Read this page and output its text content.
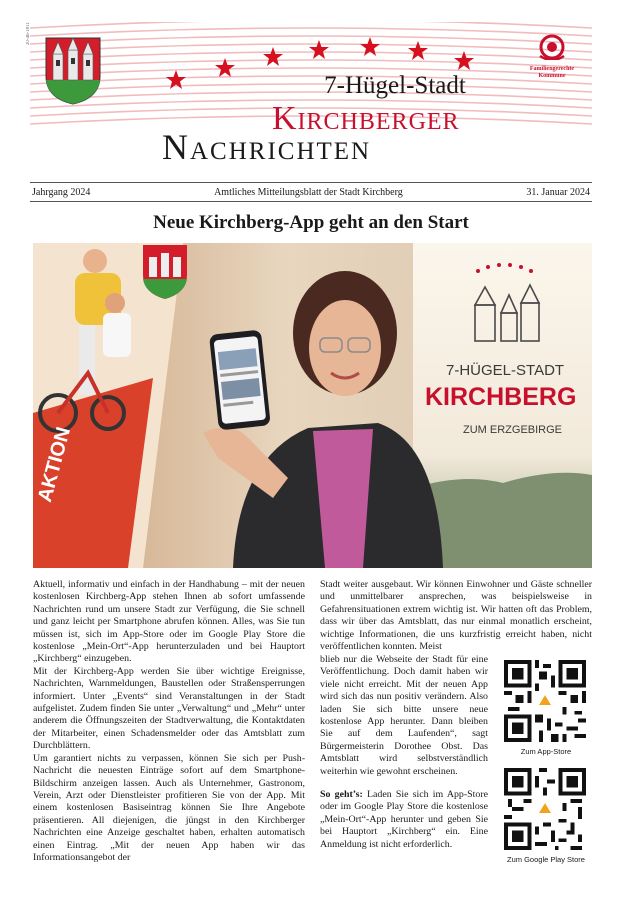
20-46-1811
Familiengerechte Kommune
7-Hügel-Stadt
Kirchberger
Nachrichten
Jahrgang 2024	Amtliches Mitteilungsblatt der Stadt Kirchberg	31. Januar 2024
Neue Kirchberg-App geht an den Start
AKTION
7-HÜGEL-STADT
KIRCHBERG
ZUM ERZGEBIRGE

Aktuell, informativ und einfach in der Handhabung – mit der neuen kostenlosen Kirchberg-App stehen Ihnen ab sofort umfassende Nachrichten rund um unsere Stadt zur Verfügung, die Sie schnell und ganz leicht per Smartphone abrufen können. Alles, was Sie tun müssen ist, sich im App-Store oder im Google Play Store die kostenlose „Mein-Ort“-App herunterzuladen und bei Hauptort „Kirchberg“ einzugeben.

Mit der Kirchberg-App werden Sie über wichtige Ereignisse, Nachrichten, Warnmeldungen, Baustellen oder Straßensperrungen informiert. Unter „Events“ sind Veranstaltungen in der Stadt aufgelistet. Zudem finden Sie unter „Verwaltung“ und „Mehr“ unter anderem die Öffnungszeiten der Stadtverwaltung, die Kontaktdaten der Mitarbeiter, einen Schadensmelder oder das Amtsblatt zum Durchblättern.

Um garantiert nichts zu verpassen, können Sie sich per Push-Nachricht die neuesten Einträge sofort auf dem Smartphone-Bildschirm anzeigen lassen. Auch als Unternehmer, Gastronom, Verein, Arzt oder Dienstleister profitieren Sie von der App. Mit einem kostenlosen Basiseintrag können Sie Ihre Angebote präsentieren. All diejenigen, die jüngst in den Kirchberger Nachrichten eine Anzeige geschaltet haben, erhalten automatisch einen Eintrag. „Mit der neuen App haben wir das Informationsangebot der

Stadt weiter ausgebaut. Wir können Einwohner und Gäste schneller und unmittelbarer ansprechen, was beispielsweise in Gefahrensituationen extrem wichtig ist. Wir hatten oft das Problem, dass wir über das Amtsblatt, das nur einmal monatlich erscheint, wichtige Informationen, die uns kurzfristig erreicht haben, nicht veröffentlichen konnten. Meist

blieb nur die Webseite der Stadt für eine Veröffentlichung. Doch damit haben wir viele nicht erreicht. Mit der neuen App wird sich das nun positiv verändern. Also laden Sie sich bitte unsere neue kostenlose App herunter. Dann bleiben Sie auf dem Laufenden“, sagt Bürgermeisterin Dorothee Obst. Das Amtsblatt wird selbstverständlich weiterhin wie gewohnt erscheinen.

So geht’s: Laden Sie sich im App-Store oder im Google Play Store die kostenlose „Mein-Ort“-App herunter und geben Sie bei Hauptort „Kirchberg“ ein. Eine Anmeldung ist nicht erforderlich.

Zum App-Store
Zum Google Play Store
